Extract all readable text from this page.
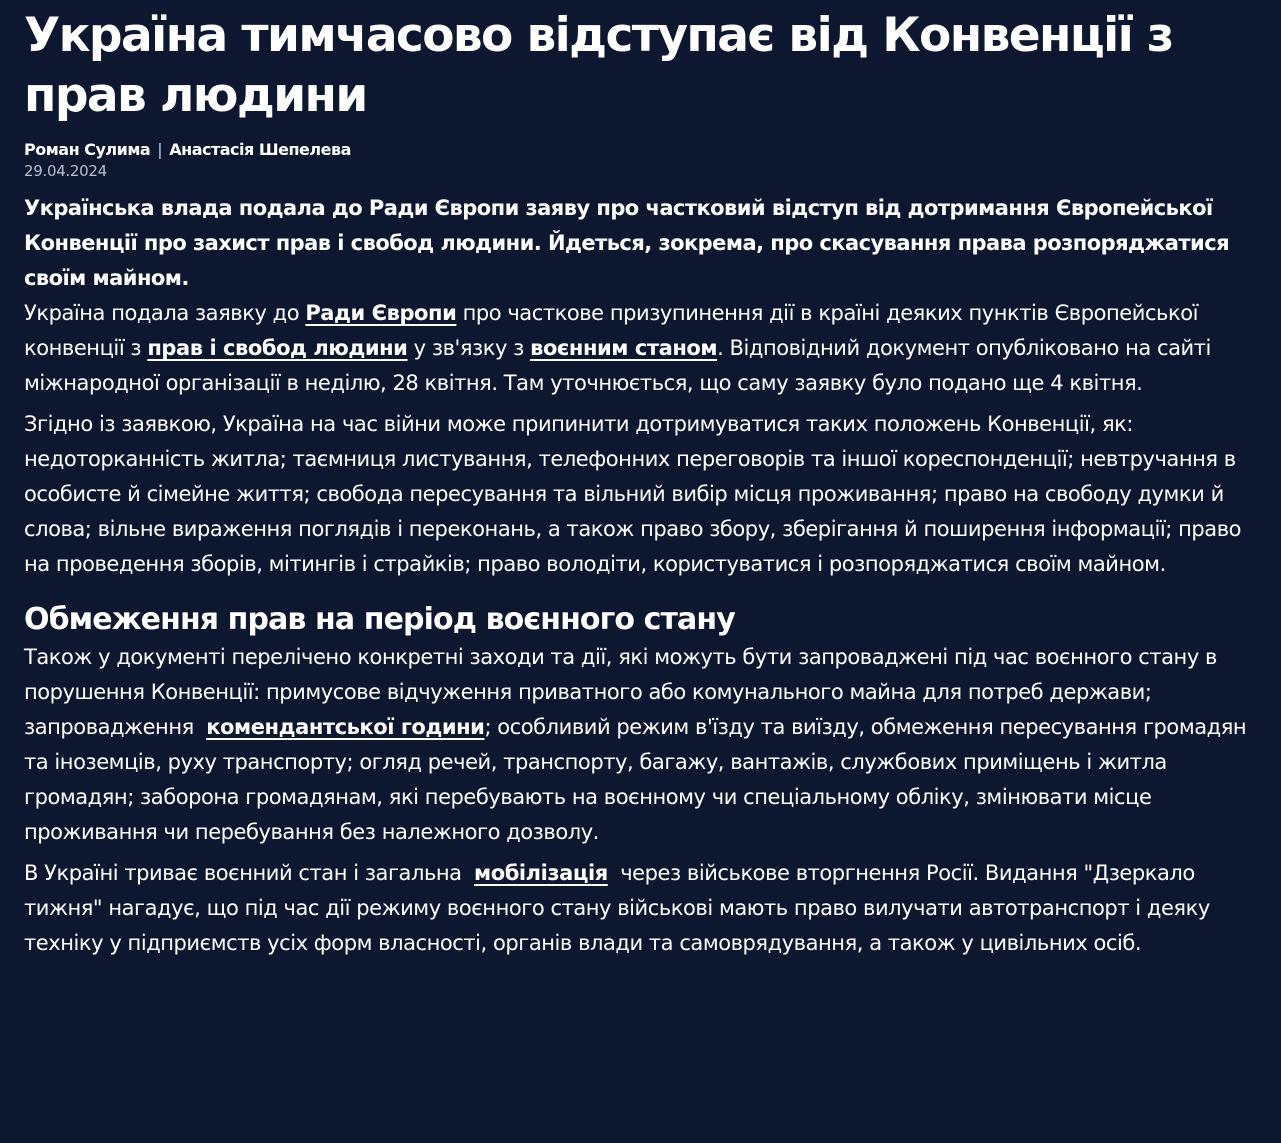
Україна тимчасово відступає від Конвенції з прав людини
Роман Сулима | Анастасія Шепелева
29.04.2024
Українська влада подала до Ради Європи заяву про частковий відступ від дотримання Європейської Конвенції про захист прав і свобод людини. Йдеться, зокрема, про скасування права розпоряджатися своїм майном.

Україна подала заявку до Ради Європи про часткове призупинення дії в країні деяких пунктів Європейської конвенції з прав і свобод людини у зв'язку з воєнним станом. Відповідний документ опубліковано на сайті міжнародної організації в неділю, 28 квітня. Там уточнюється, що саму заявку було подано ще 4 квітня.

Згідно із заявкою, Україна на час війни може припинити дотримуватися таких положень Конвенції, як: недоторканність житла; таємниця листування, телефонних переговорів та іншої кореспонденції; невтручання в особисте й сімейне життя; свобода пересування та вільний вибір місця проживання; право на свободу думки й слова; вільне вираження поглядів і переконань, а також право збору, зберігання й поширення інформації; право на проведення зборів, мітингів і страйків; право володіти, користуватися і розпоряджатися своїм майном.

Обмеження прав на період воєнного стану

Також у документі перелічено конкретні заходи та дії, які можуть бути запроваджені під час воєнного стану в порушення Конвенції: примусове відчуження приватного або комунального майна для потреб держави; запровадження  комендантської години; особливий режим в'їзду та виїзду, обмеження пересування громадян та іноземців, руху транспорту; огляд речей, транспорту, багажу, вантажів, службових приміщень і житла громадян; заборона громадянам, які перебувають на воєнному чи спеціальному обліку, змінювати місце проживання чи перебування без належного дозволу.

В Україні триває воєнний стан і загальна  мобілізація  через військове вторгнення Росії. Видання "Дзеркало тижня" нагадує, що під час дії режиму воєнного стану військові мають право вилучати автотранспорт і деяку техніку у підприємств усіх форм власності, органів влади та самоврядування, а також у цивільних осіб.
